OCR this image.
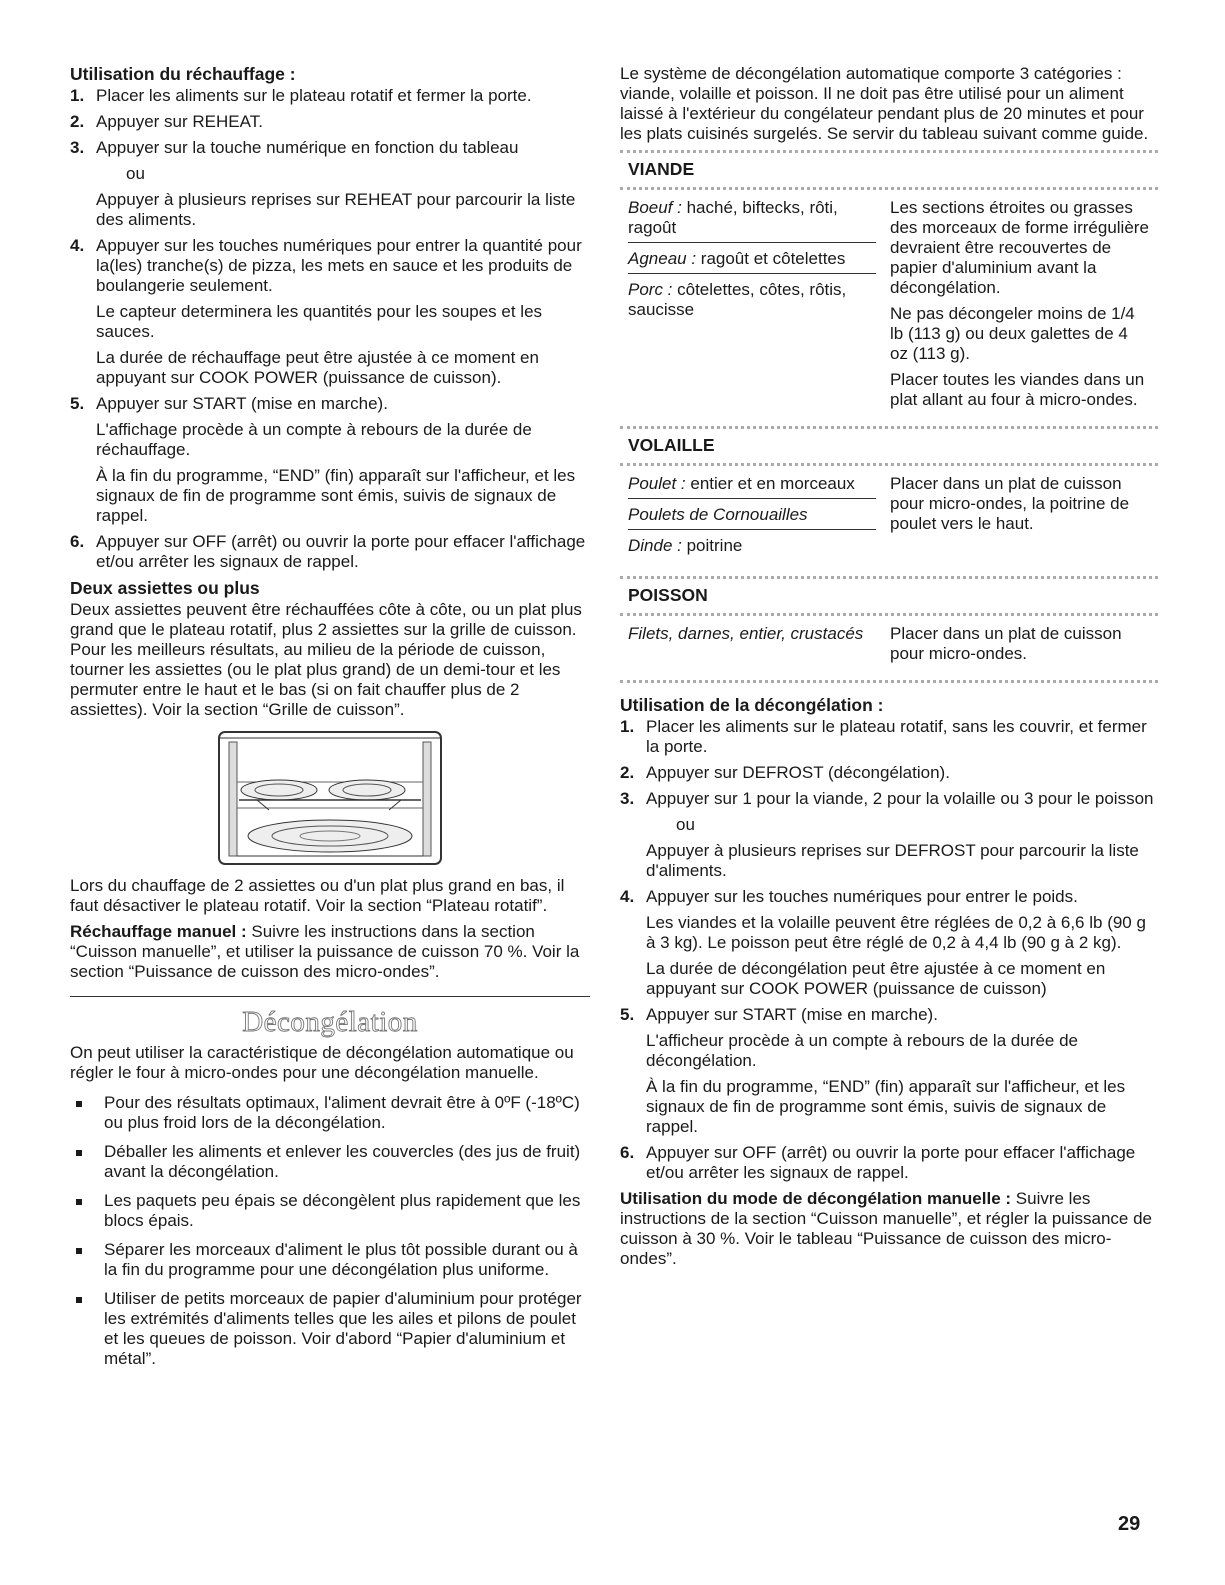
Utilisation du réchauffage :
1. Placer les aliments sur le plateau rotatif et fermer la porte.

2. Appuyer sur REHEAT.

3. Appuyer sur la touche numérique en fonction du tableau

ou

Appuyer à plusieurs reprises sur REHEAT pour parcourir la liste des aliments.

4. Appuyer sur les touches numériques pour entrer la quantité pour la(les) tranche(s) de pizza, les mets en sauce et les produits de boulangerie seulement.

Le capteur determinera les quantités pour les soupes et les sauces.

La durée de réchauffage peut être ajustée à ce moment en appuyant sur COOK POWER (puissance de cuisson).

5. Appuyer sur START (mise en marche).

L'affichage procède à un compte à rebours de la durée de réchauffage.

À la fin du programme, “END” (fin) apparaît sur l'afficheur, et les signaux de fin de programme sont émis, suivis de signaux de rappel.

6. Appuyer sur OFF (arrêt) ou ouvrir la porte pour effacer l'affichage et/ou arrêter les signaux de rappel.

Deux assiettes ou plus
Deux assiettes peuvent être réchauffées côte à côte, ou un plat plus grand que le plateau rotatif, plus 2 assiettes sur la grille de cuisson. Pour les meilleurs résultats, au milieu de la période de cuisson, tourner les assiettes (ou le plat plus grand) de un demi-tour et les permuter entre le haut et le bas (si on fait chauffer plus de 2 assiettes). Voir la section “Grille de cuisson”.
Lors du chauffage de 2 assiettes ou d'un plat plus grand en bas, il faut désactiver le plateau rotatif. Voir la section “Plateau rotatif”.
Réchauffage manuel : Suivre les instructions dans la section “Cuisson manuelle”, et utiliser la puissance de cuisson 70 %. Voir la section “Puissance de cuisson des micro-ondes”.
Décongélation
On peut utiliser la caractéristique de décongélation automatique ou régler le four à micro-ondes pour une décongélation manuelle.
Pour des résultats optimaux, l'aliment devrait être à 0ºF (-18ºC) ou plus froid lors de la décongélation.
Déballer les aliments et enlever les couvercles (des jus de fruit) avant la décongélation.
Les paquets peu épais se décongèlent plus rapidement que les blocs épais.
Séparer les morceaux d'aliment le plus tôt possible durant ou à la fin du programme pour une décongélation plus uniforme.
Utiliser de petits morceaux de papier d'aluminium pour protéger les extrémités d'aliments telles que les ailes et pilons de poulet et les queues de poisson. Voir d'abord “Papier d'aluminium et métal”.
Le système de décongélation automatique comporte 3 catégories : viande, volaille et poisson. Il ne doit pas être utilisé pour un aliment laissé à l'extérieur du congélateur pendant plus de 20 minutes et pour les plats cuisinés surgelés. Se servir du tableau suivant comme guide.
VIANDE
Boeuf : haché, biftecks, rôti, ragoût
Agneau : ragoût et côtelettes
Porc : côtelettes, côtes, rôtis, saucisse

Les sections étroites ou grasses des morceaux de forme irrégulière devraient être recouvertes de papier d'aluminium avant la décongélation.

Ne pas décongeler moins de 1/4 lb (113 g) ou deux galettes de 4 oz (113 g).

Placer toutes les viandes dans un plat allant au four à micro-ondes.

VOLAILLE
Poulet : entier et en morceaux
Poulets de Cornouailles
Dinde : poitrine

Placer dans un plat de cuisson pour micro-ondes, la poitrine de poulet vers le haut.

POISSON
Filets, darnes, entier, crustacés	Placer dans un plat de cuisson pour micro-ondes.

Utilisation de la décongélation :
1. Placer les aliments sur le plateau rotatif, sans les couvrir, et fermer la porte.

2. Appuyer sur DEFROST (décongélation).

3. Appuyer sur 1 pour la viande, 2 pour la volaille ou 3 pour le poisson

ou

Appuyer à plusieurs reprises sur DEFROST pour parcourir la liste d'aliments.

4. Appuyer sur les touches numériques pour entrer le poids.

Les viandes et la volaille peuvent être réglées de 0,2 à 6,6 lb (90 g à 3 kg). Le poisson peut être réglé de 0,2 à 4,4 lb (90 g à 2 kg).

La durée de décongélation peut être ajustée à ce moment en appuyant sur COOK POWER (puissance de cuisson)

5. Appuyer sur START (mise en marche).

L'afficheur procède à un compte à rebours de la durée de décongélation.

À la fin du programme, “END” (fin) apparaît sur l'afficheur, et les signaux de fin de programme sont émis, suivis de signaux de rappel.

6. Appuyer sur OFF (arrêt) ou ouvrir la porte pour effacer l'affichage et/ou arrêter les signaux de rappel.

Utilisation du mode de décongélation manuelle : Suivre les instructions de la section “Cuisson manuelle”, et régler la puissance de cuisson à 30 %. Voir le tableau “Puissance de cuisson des micro-ondes”.
29
